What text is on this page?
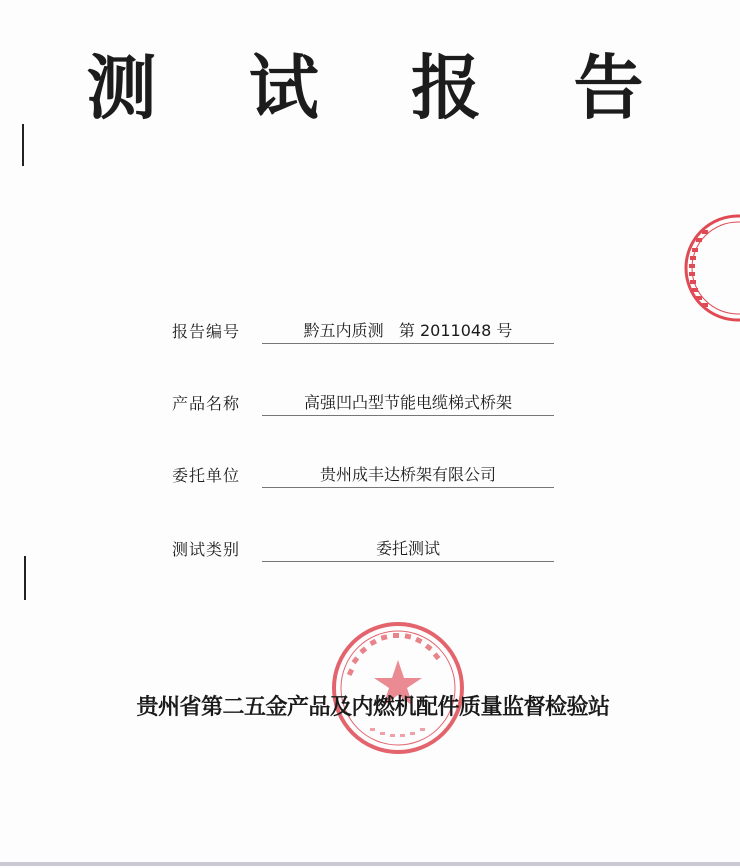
测 试 报 告
报告编号	黔五内质测   第 2011048 号
产品名称	高强凹凸型节能电缆梯式桥架
委托单位	贵州成丰达桥架有限公司
测试类别	委托测试
贵州省第二五金产品及内燃机配件质量监督检验站
